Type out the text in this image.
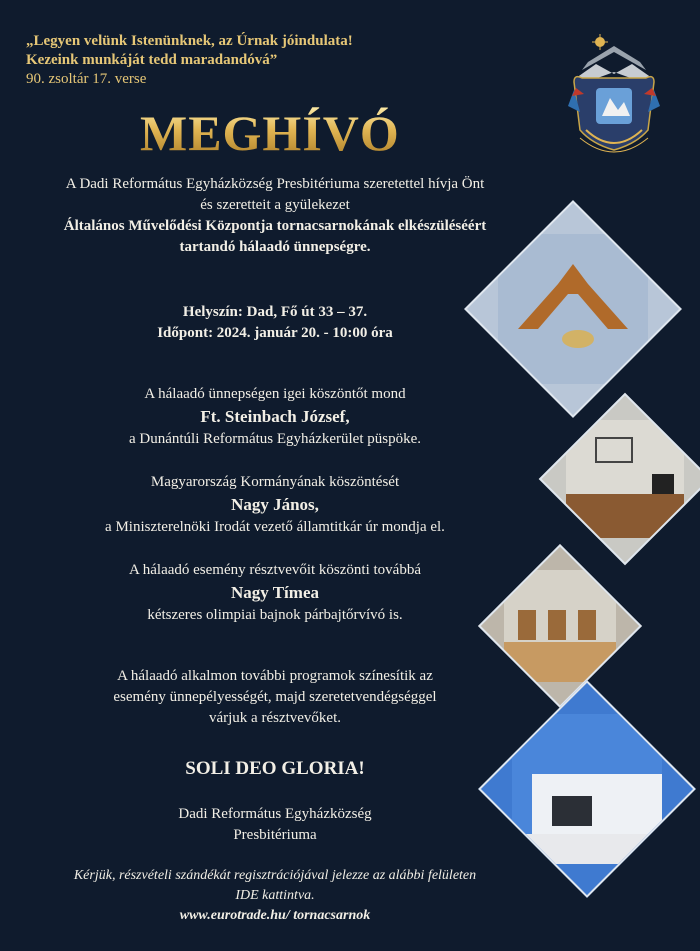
„Legyen velünk Istenünknek, az Úrnak jóindulata!
Kezeink munkáját tedd maradandóvá”
90. zsoltár 17. verse
MEGHÍVÓ
A Dadi Református Egyházközség Presbitériuma szeretettel hívja Önt
és szeretteit a gyülekezet
Általános Művelődési Központja tornacsarnokának elkészüléséért
tartandó hálaadó ünnepségre.
Helyszín: Dad, Fő út 33 – 37.
Időpont: 2024. január 20. - 10:00 óra
A hálaadó ünnepségen igei köszöntőt mond
Ft. Steinbach József,
a Dunántúli Református Egyházkerület püspöke.
Magyarország Kormányának köszöntését
Nagy János,
a Miniszterelnöki Irodát vezető államtitkár úr mondja el.
A hálaadó esemény résztvevőit köszönti továbbá
Nagy Tímea
kétszeres olimpiai bajnok párbajtőrvívó is.
A hálaadó alkalmon további programok színesítik az
esemény ünnepélyességét, majd szeretetvendégséggel
várjuk a résztvevőket.
SOLI DEO GLORIA!
Dadi Református Egyházközség
Presbitériuma
Kérjük, részvételi szándékát regisztrációjával jelezze az alábbi felületen
IDE kattintva.
www.eurotrade.hu/ tornacsarnok
